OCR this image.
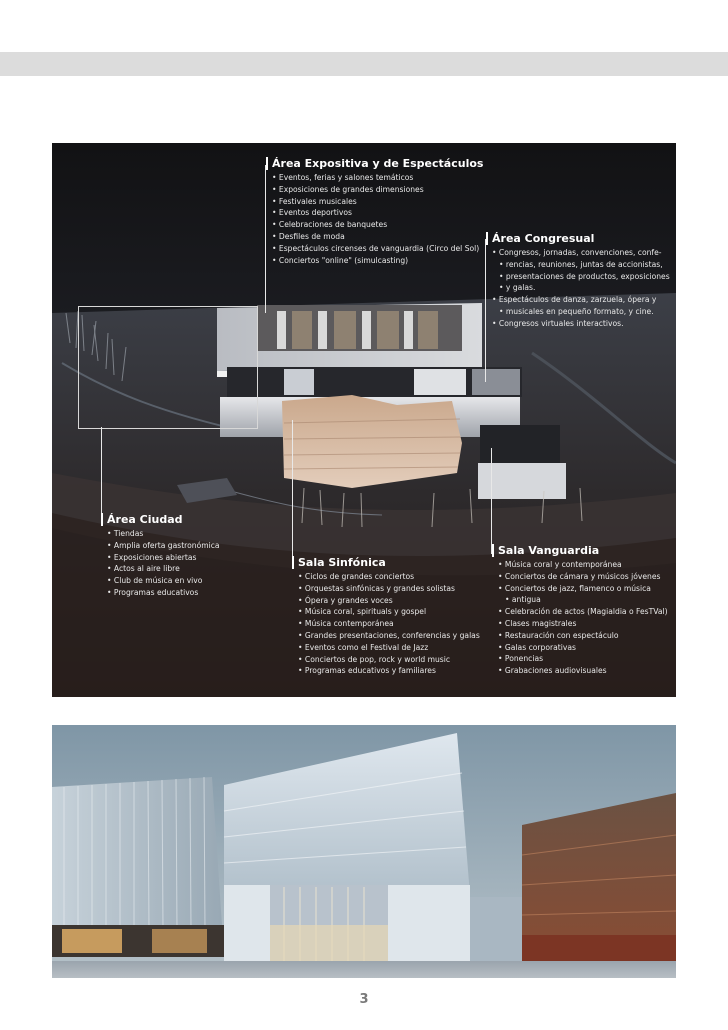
Área Expositiva y de Espectáculos
• Eventos, ferias y salones temáticos
• Exposiciones de grandes dimensiones
• Festivales musicales
• Eventos deportivos
• Celebraciones de banquetes
• Desfiles de moda
• Espectáculos circenses de vanguardia (Circo del Sol)
• Conciertos "online" (simulcasting)
Área Congresual
• Congresos, jornadas, convenciones, confe-
• rencias, reuniones, juntas de accionistas,
• presentaciones de productos, exposiciones
• y galas.
• Espectáculos de danza, zarzuela, ópera y
• musicales en pequeño formato, y cine.
• Congresos virtuales interactivos.
Área Ciudad
• Tiendas
• Amplia oferta gastronómica
• Exposiciones abiertas
• Actos al aire libre
• Club de música en vivo
• Programas educativos
Sala Sinfónica
• Ciclos de grandes conciertos
• Orquestas sinfónicas y grandes solistas
• Ópera y grandes voces
• Música coral, spirituals y gospel
• Música contemporánea
• Grandes presentaciones, conferencias y galas
• Eventos como el Festival de Jazz
• Conciertos de pop, rock y world music
• Programas educativos y familiares
Sala Vanguardia
• Música coral y contemporánea
• Conciertos de cámara y músicos jóvenes
• Conciertos de jazz, flamenco o música
• antigua
• Celebración de actos (Magialdia o FesTVal)
• Clases magistrales
• Restauración con espectáculo
• Galas corporativas
• Ponencias
• Grabaciones audiovisuales
3
